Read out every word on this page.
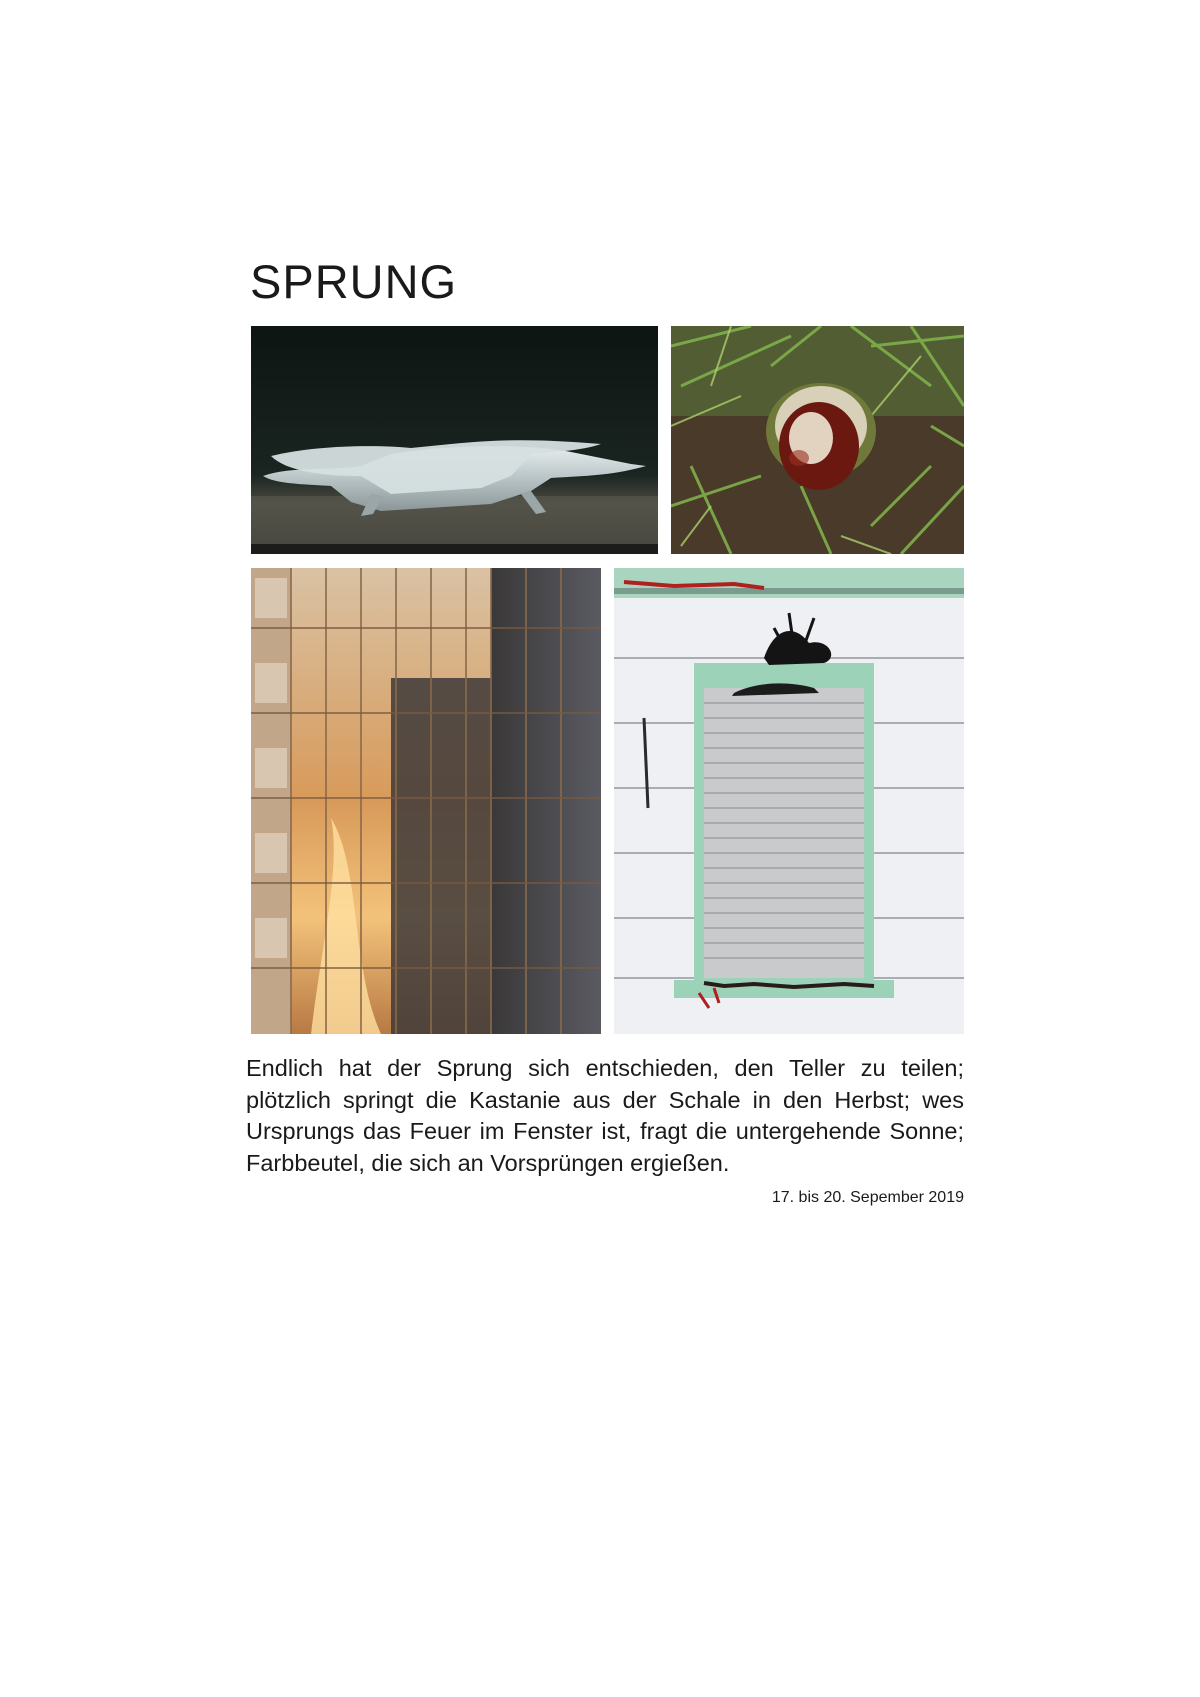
SPRUNG

Endlich hat der Sprung sich entschieden, den Teller zu teilen; plötzlich springt die Kastanie aus der Schale in den Herbst; wes Ursprungs das Feuer im Fenster ist, fragt die untergehende Sonne; Farbbeutel, die sich an Vorsprüngen ergießen.

17. bis 20. Sepember 2019
